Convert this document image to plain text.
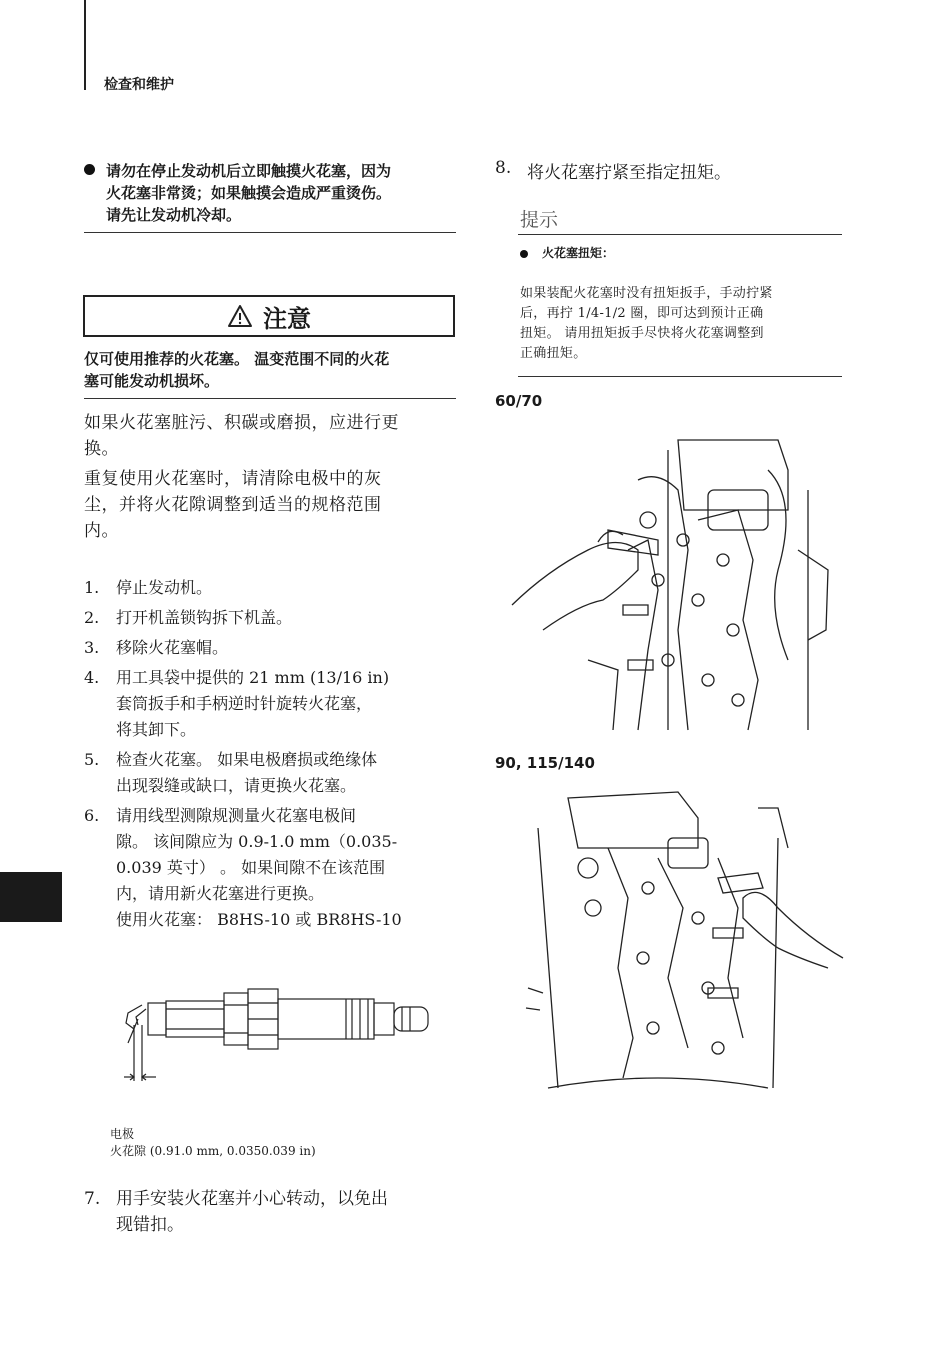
检查和维护
请勿在停止发动机后立即触摸火花塞，因为
火花塞非常烫；如果触摸会造成严重烫伤。
请先让发动机冷却。
注意
仅可使用推荐的火花塞。 温变范围不同的火花
塞可能发动机损坏。
如果火花塞脏污、积碳或磨损，应进行更
换。
重复使用火花塞时，请清除电极中的灰
尘，并将火花隙调整到适当的规格范围
内。
1.	停止发动机。
2.	打开机盖锁钩拆下机盖。
3.	移除火花塞帽。
4.	用工具袋中提供的 21 mm (13/16 in)
套筒扳手和手柄逆时针旋转火花塞，
将其卸下。
5.	检查火花塞。 如果电极磨损或绝缘体
出现裂缝或缺口，请更换火花塞。
6.	请用线型测隙规测量火花塞电极间
隙。 该间隙应为 0.9-1.0 mm（0.035-
0.039 英寸） 。 如果间隙不在该范围
内，请用新火花塞进行更换。
使用火花塞： B8HS-10 或 BR8HS-10
电极
火花隙 (0.91.0 mm, 0.0350.039 in)
7. 用手安装火花塞并小心转动，以免出
现错扣。
8. 将火花塞拧紧至指定扭矩。
提示
火花塞扭矩：
如果装配火花塞时没有扭矩扳手，手动拧紧
后，再拧 1/4-1/2 圈，即可达到预计正确
扭矩。 请用扭矩扳手尽快将火花塞调整到
正确扭矩。
60/70
90, 115/140
